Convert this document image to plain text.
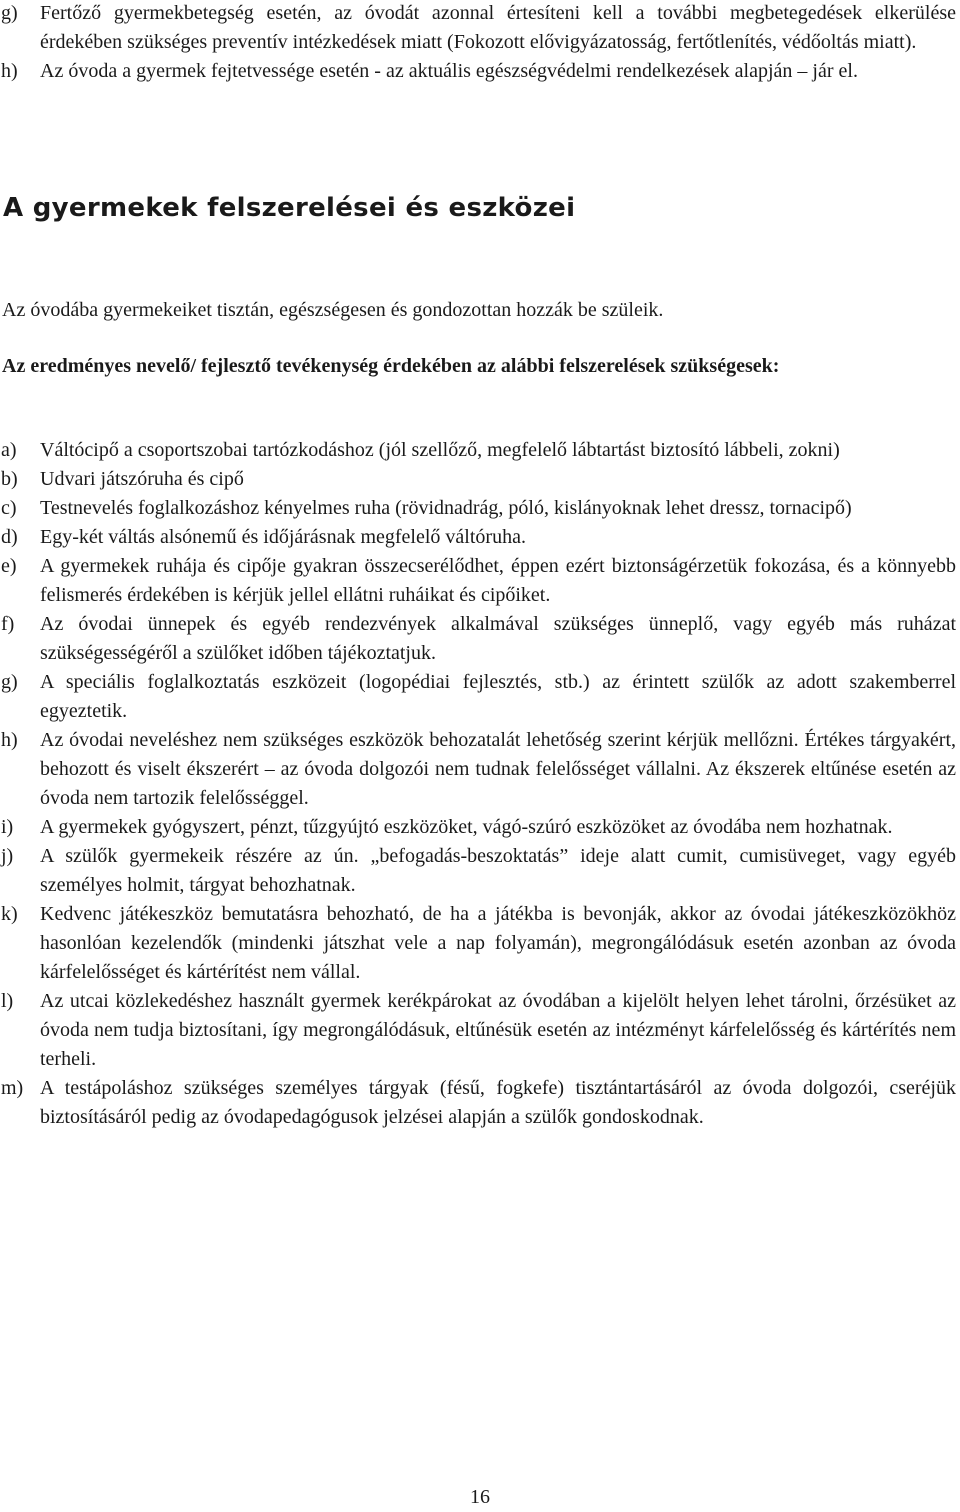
g)	Fertőző gyermekbetegség esetén, az óvodát azonnal értesíteni kell a további megbetegedések elkerülése érdekében szükséges preventív intézkedések miatt (Fokozott elővigyázatosság, fertőtlenítés, védőoltás miatt).
h)	Az óvoda a gyermek fejtetvessége esetén - az aktuális egészségvédelmi rendelkezések alapján – jár el.
A gyermekek felszerelései és eszközei

Az óvodába gyermekeiket tisztán, egészségesen és gondozottan hozzák be szüleik.

Az eredményes nevelő/ fejlesztő tevékenység érdekében az alábbi felszerelések szükségesek:

a)	Váltócipő a csoportszobai tartózkodáshoz (jól szellőző, megfelelő lábtartást biztosító lábbeli, zokni)
b)	Udvari játszóruha és cipő
c)	Testnevelés foglalkozáshoz kényelmes ruha (rövidnadrág, póló, kislányoknak lehet dressz, tornacipő)
d)	Egy-két váltás alsónemű és időjárásnak megfelelő váltóruha.
e)	A gyermekek ruhája és cipője gyakran összecserélődhet, éppen ezért biztonságérzetük fokozása, és a könnyebb felismerés érdekében is kérjük jellel ellátni ruháikat és cipőiket.
f)	Az óvodai ünnepek és egyéb rendezvények alkalmával szükséges ünneplő, vagy egyéb más ruházat szükségességéről a szülőket időben tájékoztatjuk.
g)	A speciális foglalkoztatás eszközeit (logopédiai fejlesztés, stb.) az érintett szülők az adott szakemberrel egyeztetik.
h)	Az óvodai neveléshez nem szükséges eszközök behozatalát lehetőség szerint kérjük mellőzni. Értékes tárgyakért, behozott és viselt ékszerért – az óvoda dolgozói nem tudnak felelősséget vállalni. Az ékszerek eltűnése esetén az óvoda nem tartozik felelősséggel.
i)	A gyermekek gyógyszert, pénzt, tűzgyújtó eszközöket, vágó-szúró eszközöket az óvodába nem hozhatnak.
j)	A szülők gyermekeik részére az ún. „befogadás-beszoktatás” ideje alatt cumit, cumisüveget, vagy egyéb személyes holmit, tárgyat behozhatnak.
k)	Kedvenc játékeszköz bemutatásra behozható, de ha a játékba is bevonják, akkor az óvodai játékeszközökhöz hasonlóan kezelendők (mindenki játszhat vele a nap folyamán), megrongálódásuk esetén azonban az óvoda kárfelelősséget és kártérítést nem vállal.
l)	Az utcai közlekedéshez használt gyermek kerékpárokat az óvodában a kijelölt helyen lehet tárolni, őrzésüket az óvoda nem tudja biztosítani, így megrongálódásuk, eltűnésük esetén az intézményt kárfelelősség és kártérítés nem terheli.
m) A testápoláshoz szükséges személyes tárgyak (fésű, fogkefe) tisztántartásáról az óvoda dolgozói, cseréjük biztosításáról pedig az óvodapedagógusok jelzései alapján a szülők gondoskodnak.

16
